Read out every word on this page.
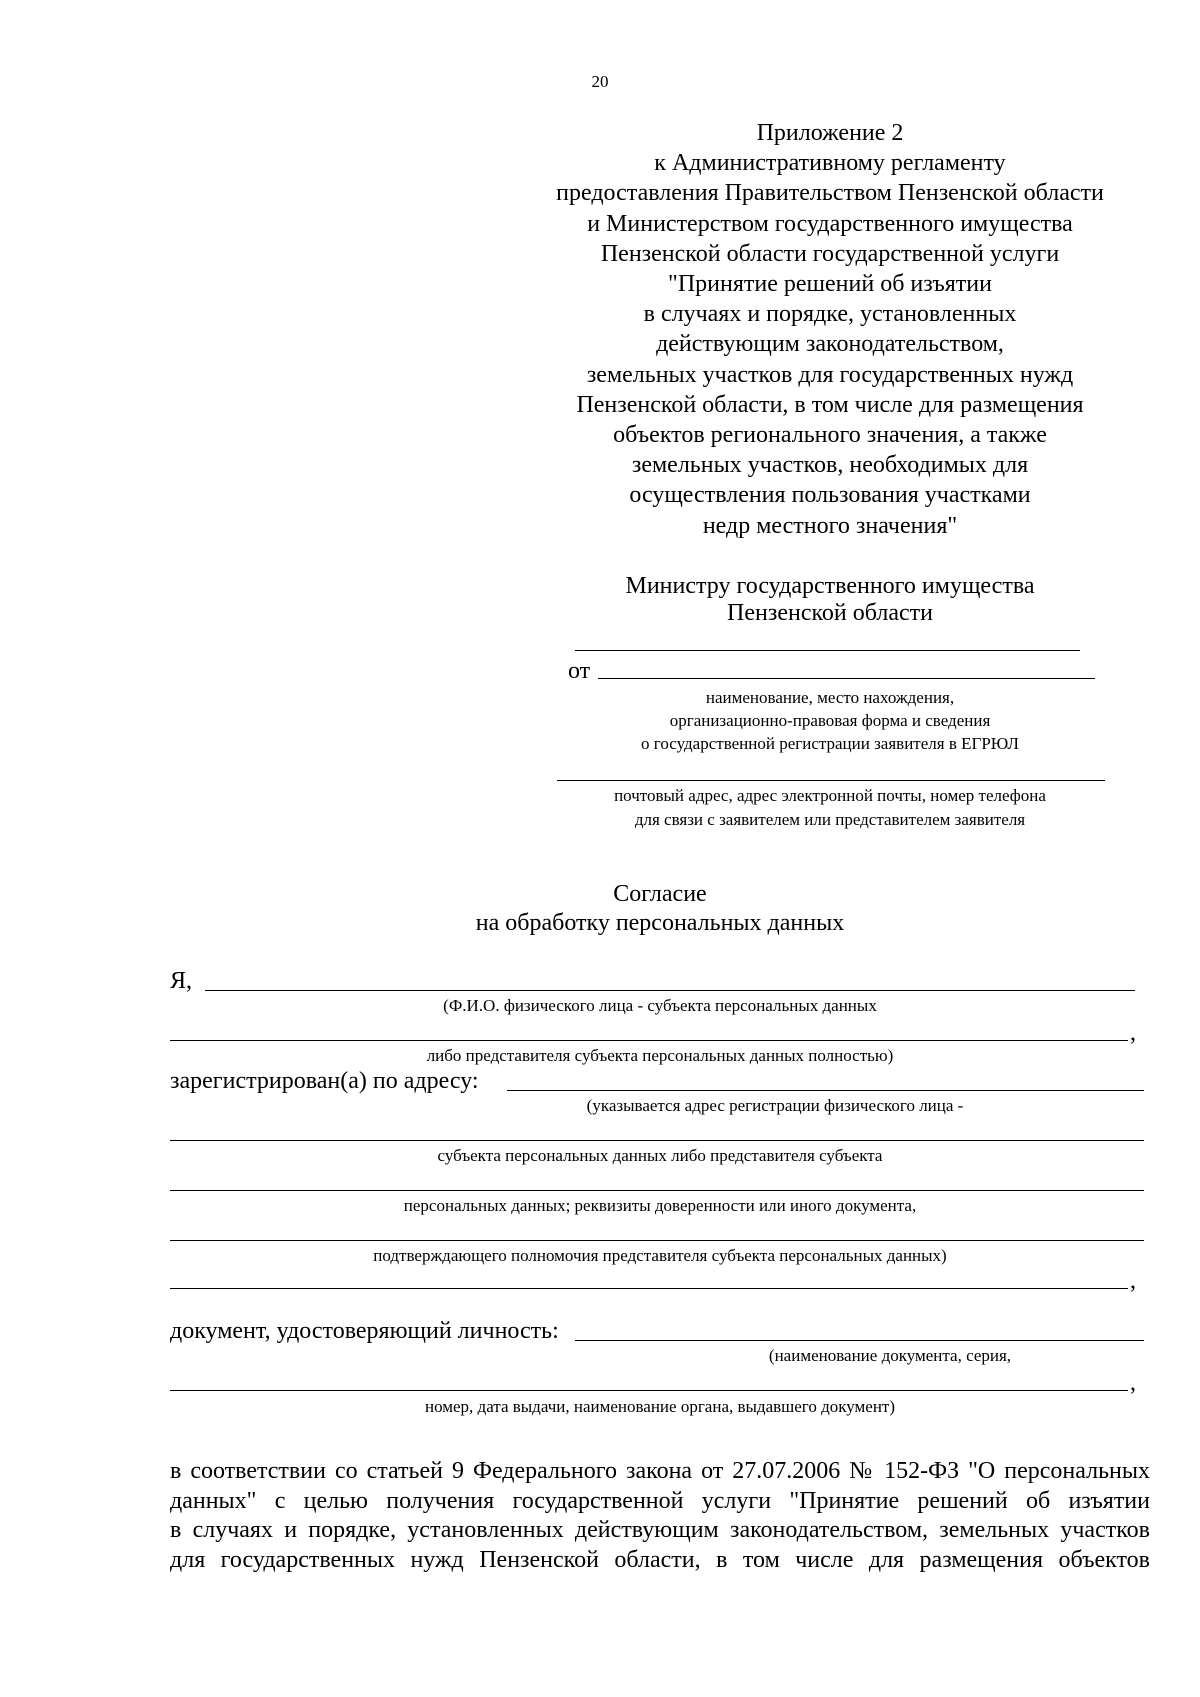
20
Приложение 2
к Административному регламенту
предоставления Правительством Пензенской области
и Министерством государственного имущества
Пензенской области государственной услуги
"Принятие решений об изъятии
в случаях и порядке, установленных
действующим законодательством,
земельных участков для государственных нужд
Пензенской области, в том числе для размещения
объектов регионального значения, а также
земельных участков, необходимых для
осуществления пользования участками
недр местного значения"
Министру государственного имущества
Пензенской области
от
наименование, место нахождения,
организационно-правовая форма и сведения
о государственной регистрации заявителя в ЕГРЮЛ
почтовый адрес, адрес электронной почты, номер телефона
для связи с заявителем или представителем заявителя
Согласие
на обработку персональных данных
Я,
(Ф.И.О. физического лица - субъекта персональных данных
,
либо представителя субъекта персональных данных полностью)
зарегистрирован(а) по адресу:
(указывается адрес регистрации физического лица -
субъекта персональных данных либо представителя субъекта
персональных данных; реквизиты доверенности или иного документа,
подтверждающего полномочия представителя субъекта персональных данных)
,
документ, удостоверяющий личность:
(наименование документа, серия,
,
номер, дата выдачи, наименование органа, выдавшего документ)
в соответствии со статьей 9 Федерального закона от 27.07.2006 № 152-ФЗ "О персональных
данных" с целью получения государственной услуги "Принятие решений об изъятии
в случаях и порядке, установленных действующим законодательством, земельных участков
для государственных нужд Пензенской области, в том числе для размещения объектов
